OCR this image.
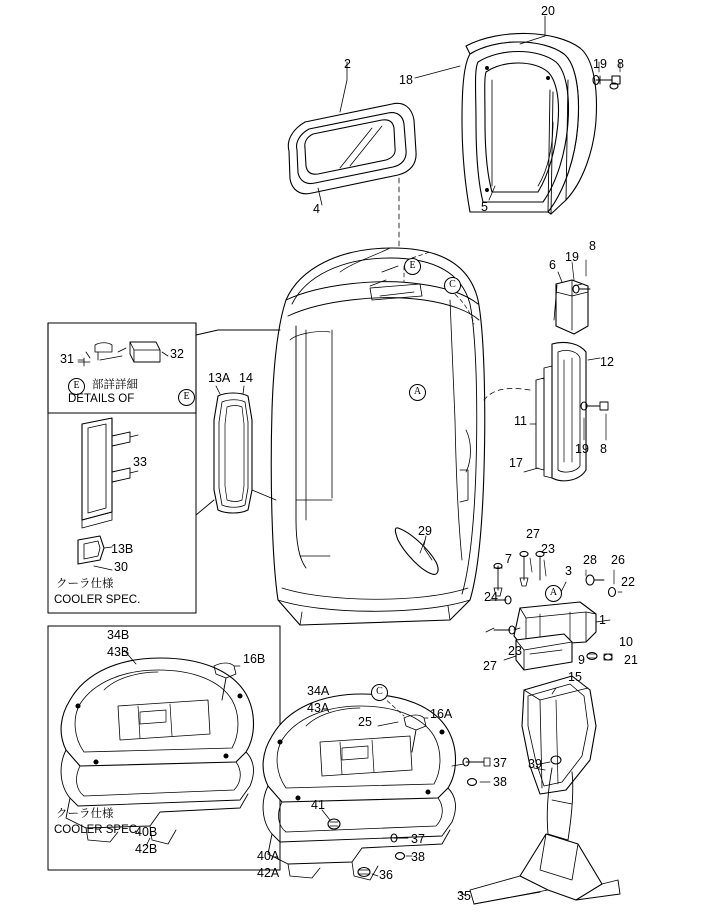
20
18
19 8
2
4	5
8
19
6
12
11
19 8
17
31	32
33
13A 14
13B
30
29	27
23
28 26
3
22
7
24
1
10
9	21
27
23
15
34B
43B	16B
40B
42B
34A
43A
25
16A
37
38
39
41
37
38
40A
42A	36
35
E
C
A
E
E
A
C
部詳詳細
DETAILS OF
クーラ仕様
COOLER SPEC.
クーラ仕様
COOLER SPEC.
